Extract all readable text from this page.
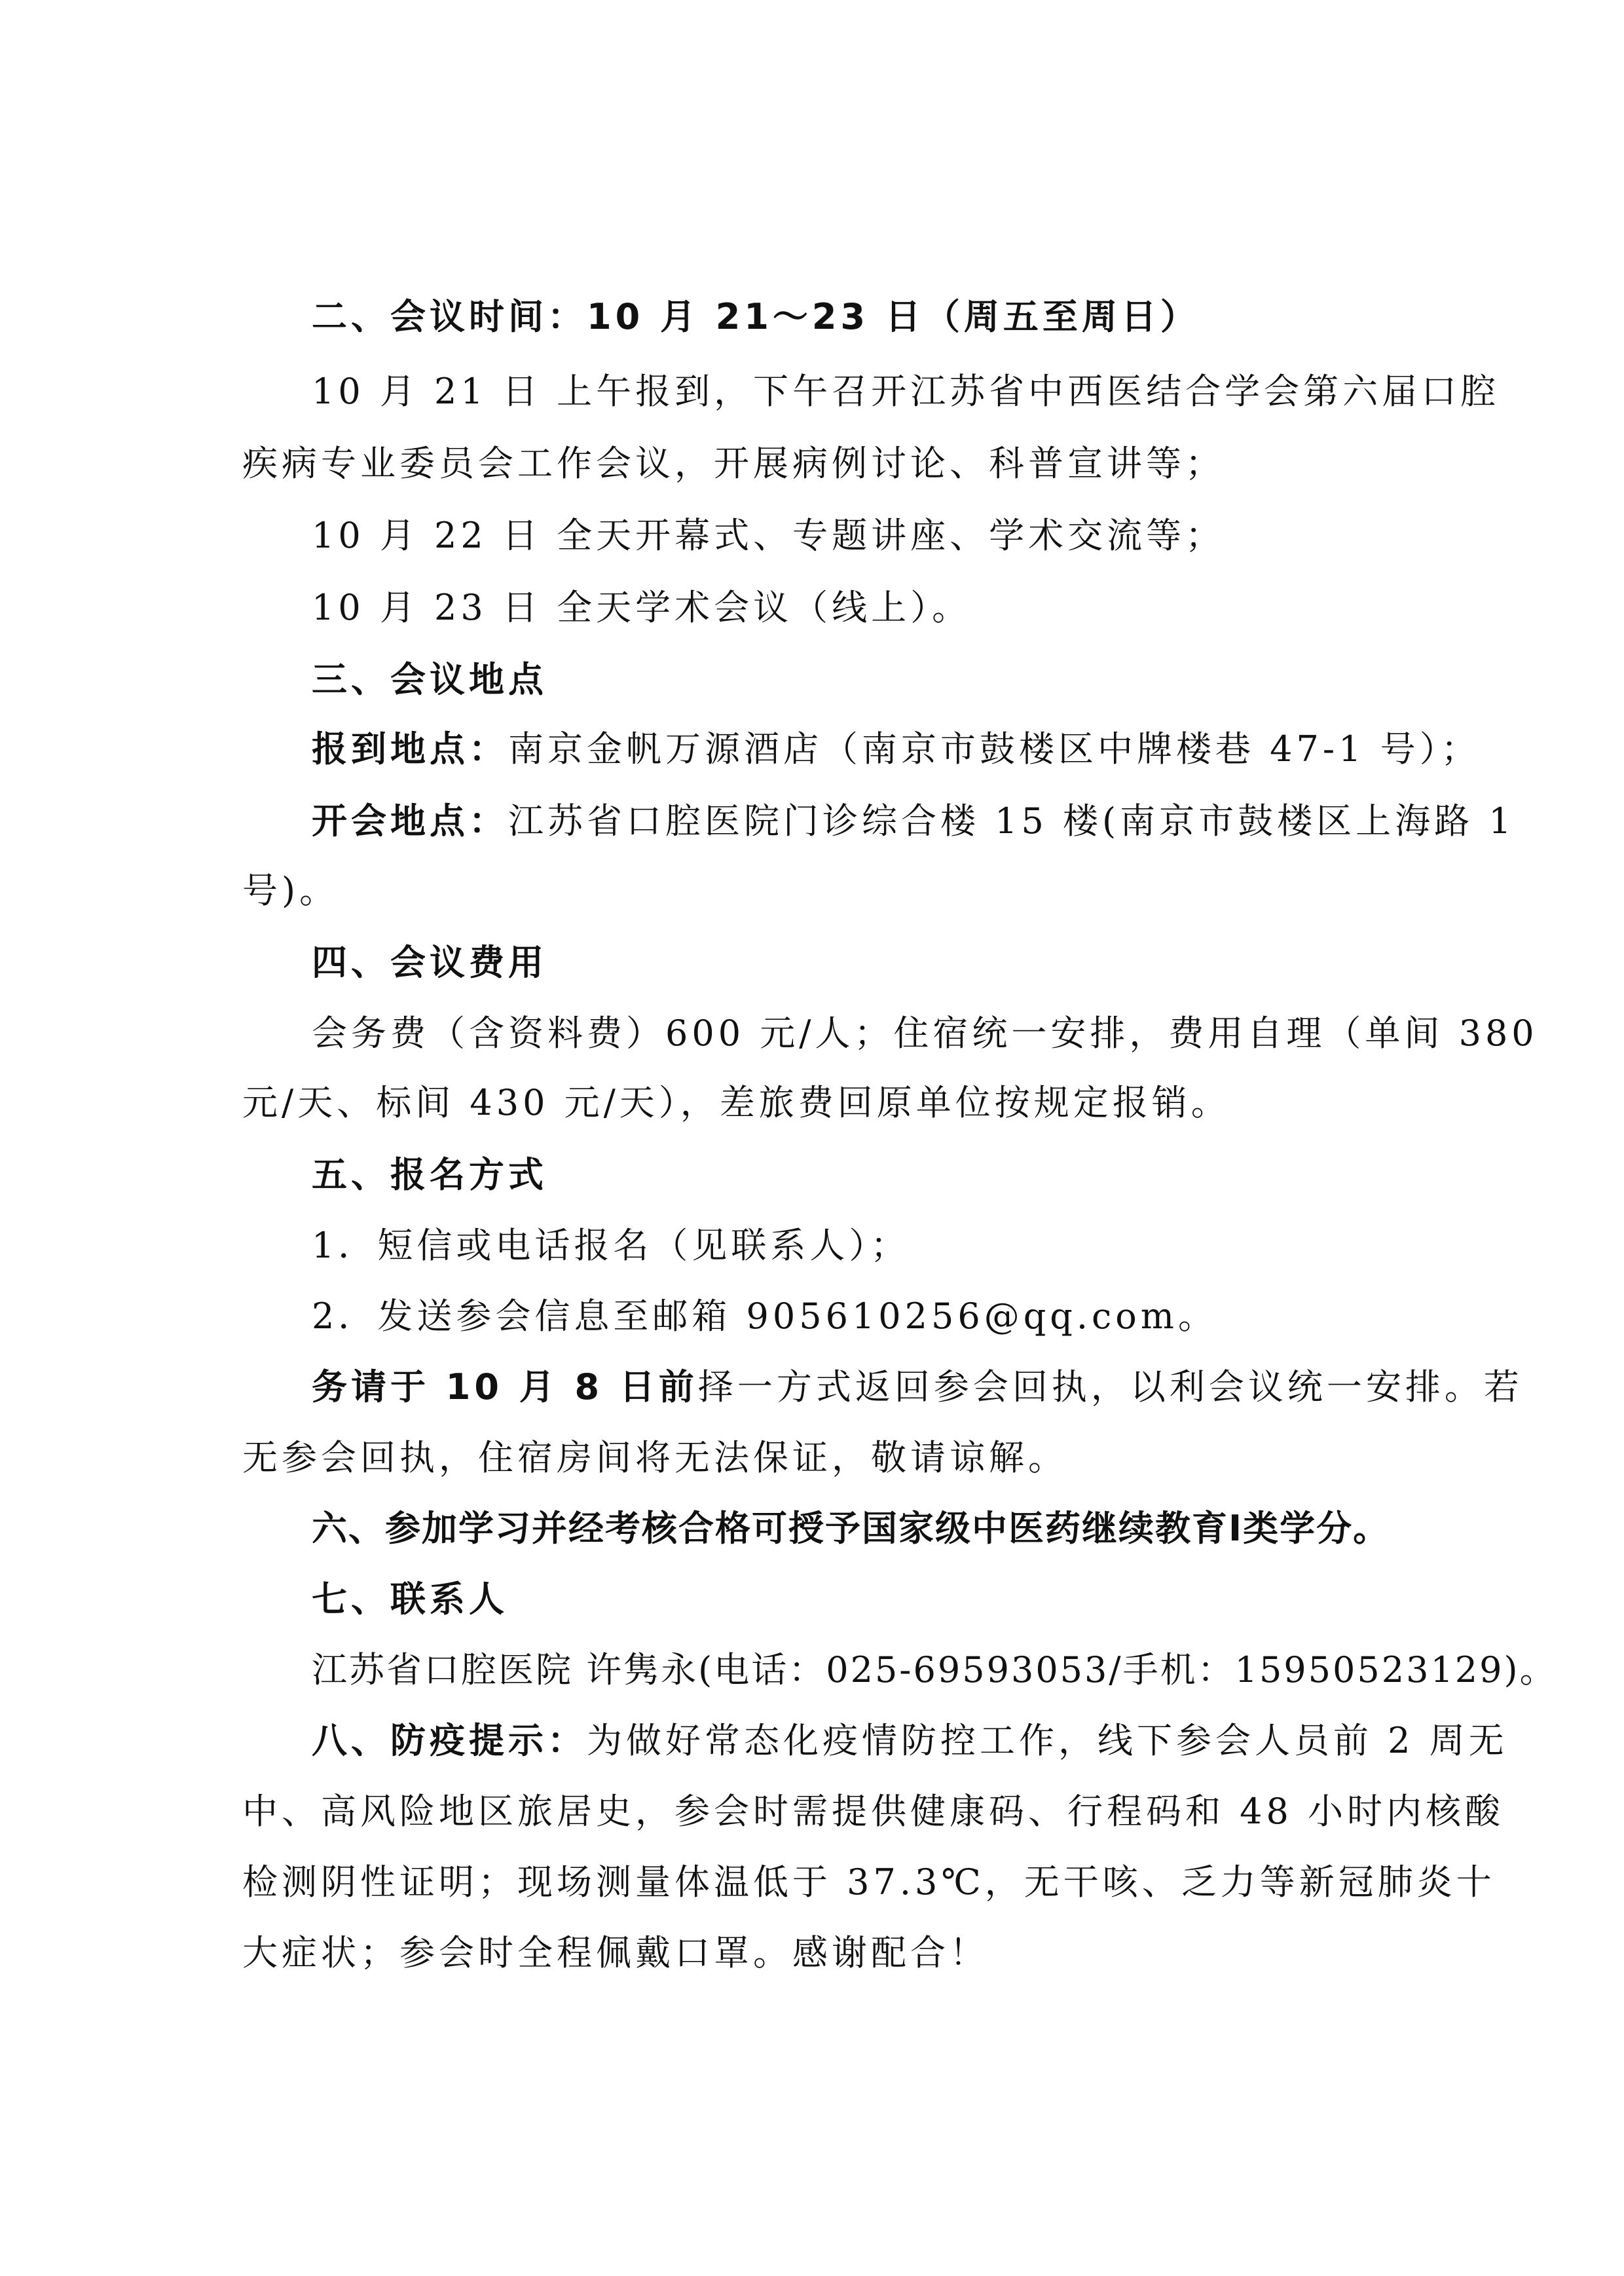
二、会议时间：10 月 21～23 日（周五至周日）
10 月 21 日 上午报到，下午召开江苏省中西医结合学会第六届口腔
疾病专业委员会工作会议，开展病例讨论、科普宣讲等；
10 月 22 日 全天开幕式、专题讲座、学术交流等；
10 月 23 日 全天学术会议（线上）。
三、会议地点
报到地点：南京金帆万源酒店（南京市鼓楼区中牌楼巷 47-1 号）；
开会地点：江苏省口腔医院门诊综合楼 15 楼(南京市鼓楼区上海路 1
号)。
四、会议费用
会务费（含资料费）600 元/人；住宿统一安排，费用自理（单间 380
元/天、标间 430 元/天），差旅费回原单位按规定报销。
五、报名方式
1．短信或电话报名（见联系人）；
2．发送参会信息至邮箱 905610256@qq.com。
务请于 10 月 8 日前择一方式返回参会回执，以利会议统一安排。若
无参会回执，住宿房间将无法保证，敬请谅解。
六、参加学习并经考核合格可授予国家级中医药继续教育Ⅰ类学分。
七、联系人
江苏省口腔医院 许隽永(电话：025-69593053/手机：15950523129)。
八、防疫提示：为做好常态化疫情防控工作，线下参会人员前 2 周无
中、高风险地区旅居史，参会时需提供健康码、行程码和 48 小时内核酸
检测阴性证明；现场测量体温低于 37.3℃，无干咳、乏力等新冠肺炎十
大症状；参会时全程佩戴口罩。感谢配合！
